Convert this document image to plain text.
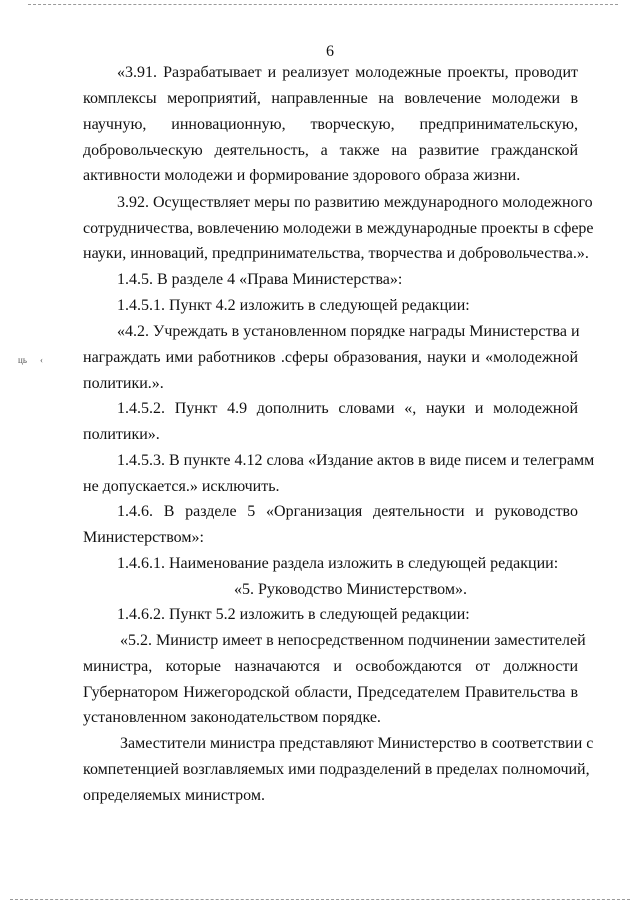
6
ць ‹
«3.91. Разрабатывает и реализует молодежные проекты, проводит
комплексы мероприятий, направленные на вовлечение молодежи в
научную, инновационную, творческую, предпринимательскую,
добровольческую деятельность, а также на развитие гражданской
активности молодежи и формирование здорового образа жизни.
3.92. Осуществляет меры по развитию международного молодежного
сотрудничества, вовлечению молодежи в международные проекты в сфере
науки, инноваций, предпринимательства, творчества и добровольчества.».
1.4.5. В разделе 4 «Права Министерства»:
1.4.5.1. Пункт 4.2 изложить в следующей редакции:
«4.2. Учреждать в установленном порядке награды Министерства и
награждать ими работников .сферы образования, науки и «молодежной
политики.».
1.4.5.2. Пункт 4.9 дополнить словами «, науки и молодежной
политики».
1.4.5.3. В пункте 4.12 слова «Издание актов в виде писем и телеграмм
не допускается.» исключить.
1.4.6. В разделе 5 «Организация деятельности и руководство
Министерством»:
1.4.6.1. Наименование раздела изложить в следующей редакции:
«5. Руководство Министерством».
1.4.6.2. Пункт 5.2 изложить в следующей редакции:
«5.2. Министр имеет в непосредственном подчинении заместителей
министра, которые назначаются и освобождаются от должности
Губернатором Нижегородской области, Председателем Правительства в
установленном законодательством порядке.
Заместители министра представляют Министерство в соответствии с
компетенцией возглавляемых ими подразделений в пределах полномочий,
определяемых министром.
